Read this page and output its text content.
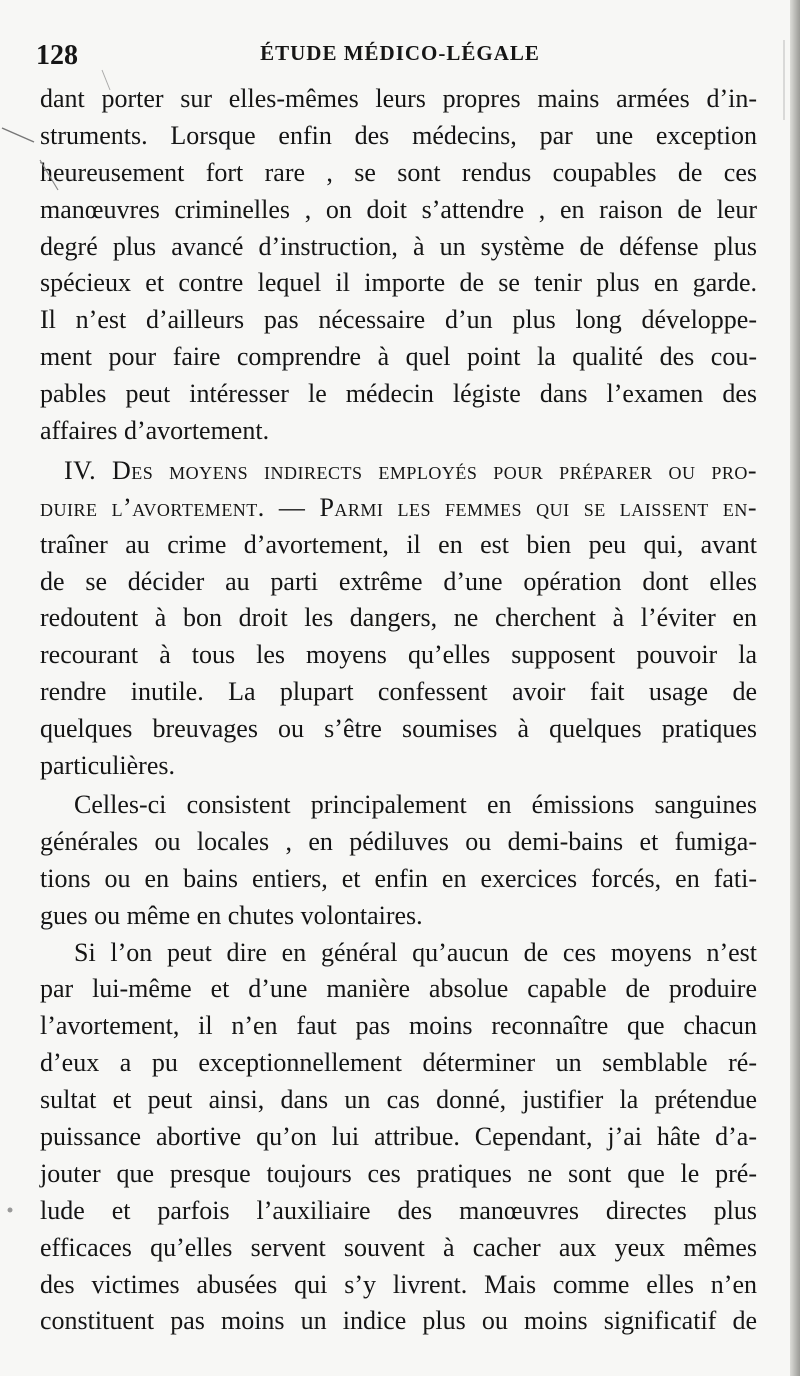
128	ÉTUDE MÉDICO-LÉGALE
dant porter sur elles-mêmes leurs propres mains armées d’in-
struments. Lorsque enfin des médecins, par une exception
heureusement fort rare , se sont rendus coupables de ces
manœuvres criminelles , on doit s’attendre , en raison de leur
degré plus avancé d’instruction, à un système de défense plus
spécieux et contre lequel il importe de se tenir plus en garde.
Il n’est d’ailleurs pas nécessaire d’un plus long développe-
ment pour faire comprendre à quel point la qualité des cou-
pables peut intéresser le médecin légiste dans l’examen des
affaires d’avortement.
IV. Des moyens indirects employés pour préparer ou pro-
duire l’avortement. — Parmi les femmes qui se laissent en-
traîner au crime d’avortement, il en est bien peu qui, avant
de se décider au parti extrême d’une opération dont elles
redoutent à bon droit les dangers, ne cherchent à l’éviter en
recourant à tous les moyens qu’elles supposent pouvoir la
rendre inutile. La plupart confessent avoir fait usage de
quelques breuvages ou s’être soumises à quelques pratiques
particulières.
Celles-ci consistent principalement en émissions sanguines
générales ou locales , en pédiluves ou demi-bains et fumiga-
tions ou en bains entiers, et enfin en exercices forcés, en fati-
gues ou même en chutes volontaires.
Si l’on peut dire en général qu’aucun de ces moyens n’est
par lui-même et d’une manière absolue capable de produire
l’avortement, il n’en faut pas moins reconnaître que chacun
d’eux a pu exceptionnellement déterminer un semblable ré-
sultat et peut ainsi, dans un cas donné, justifier la prétendue
puissance abortive qu’on lui attribue. Cependant, j’ai hâte d’a-
jouter que presque toujours ces pratiques ne sont que le pré-
lude et parfois l’auxiliaire des manœuvres directes plus
efficaces qu’elles servent souvent à cacher aux yeux mêmes
des victimes abusées qui s’y livrent. Mais comme elles n’en
constituent pas moins un indice plus ou moins significatif de
